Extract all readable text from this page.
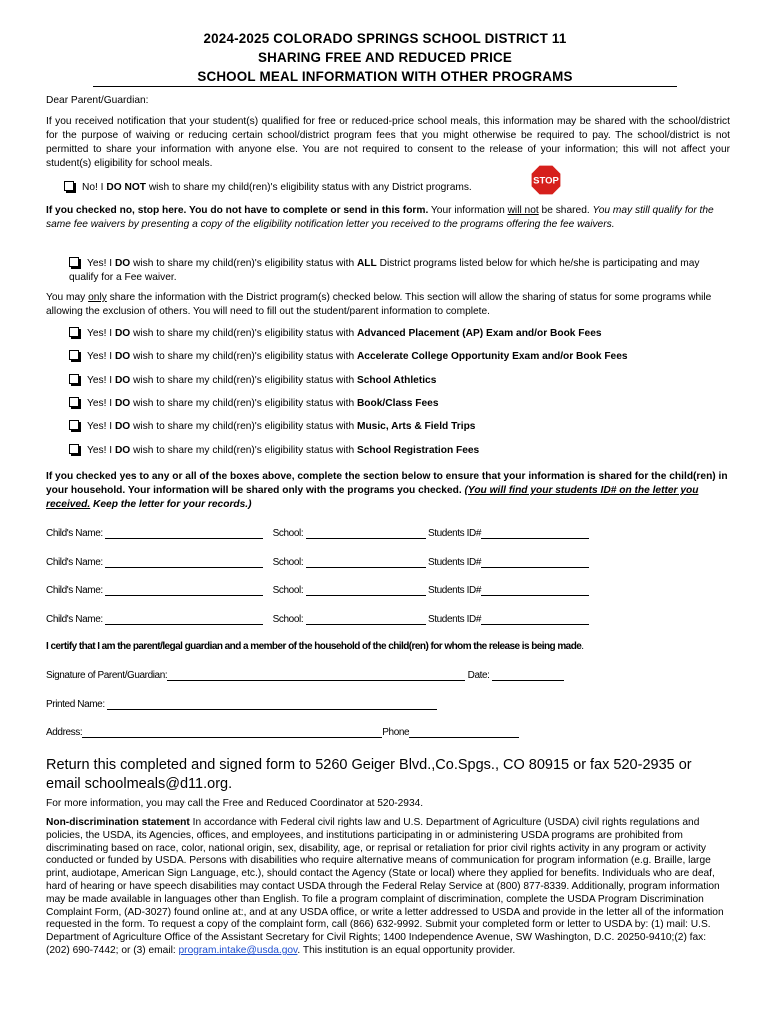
2024-2025 COLORADO SPRINGS SCHOOL DISTRICT 11
SHARING FREE AND REDUCED PRICE
SCHOOL MEAL INFORMATION WITH OTHER PROGRAMS
Dear Parent/Guardian:
If you received notification that your student(s) qualified for free or reduced-price school meals, this information may be shared with the school/district for the purpose of waiving or reducing certain school/district program fees that you might otherwise be required to pay. The school/district is not permitted to share your information with anyone else. You are not required to consent to the release of your information; this will not affect your student(s) eligibility for school meals.
No! I DO NOT wish to share my child(ren)'s eligibility status with any District programs.
STOP
If you checked no, stop here. You do not have to complete or send in this form. Your information will not be shared. You may still qualify for the same fee waivers by presenting a copy of the eligibility notification letter you received to the programs offering the fee waivers.
Yes! I DO wish to share my child(ren)'s eligibility status with ALL District programs listed below for which he/she is participating and may qualify for a Fee waiver.
You may only share the information with the District program(s) checked below. This section will allow the sharing of status for some programs while allowing the exclusion of others. You will need to fill out the student/parent information to complete.
Yes! I DO wish to share my child(ren)'s eligibility status with Advanced Placement (AP) Exam and/or Book Fees
Yes! I DO wish to share my child(ren)'s eligibility status with Accelerate College Opportunity Exam and/or Book Fees
Yes! I DO wish to share my child(ren)'s eligibility status with School Athletics
Yes! I DO wish to share my child(ren)'s eligibility status with Book/Class Fees
Yes! I DO wish to share my child(ren)'s eligibility status with Music, Arts & Field Trips
Yes! I DO wish to share my child(ren)'s eligibility status with School Registration Fees
If you checked yes to any or all of the boxes above, complete the section below to ensure that your information is shared for the child(ren) in your household. Your information will be shared only with the programs you checked. (You will find your students ID# on the letter you received. Keep the letter for your records.)
Child's Name:	School:	Students ID#
Child's Name:	School:	Students ID#
Child's Name:	School:	Students ID#
Child's Name:	School:	Students ID#
I certify that I am the parent/legal guardian and a member of the household of the child(ren) for whom the release is being made.
Signature of Parent/Guardian:	Date:
Printed Name:
Address:	Phone
Return this completed and signed form to 5260 Geiger Blvd.,Co.Spgs., CO 80915 or fax 520-2935 or email schoolmeals@d11.org.
For more information, you may call the Free and Reduced Coordinator at 520-2934.
Non-discrimination statement In accordance with Federal civil rights law and U.S. Department of Agriculture (USDA) civil rights regulations and policies, the USDA, its Agencies, offices, and employees, and institutions participating in or administering USDA programs are prohibited from discriminating based on race, color, national origin, sex, disability, age, or reprisal or retaliation for prior civil rights activity in any program or activity conducted or funded by USDA. Persons with disabilities who require alternative means of communication for program information (e.g. Braille, large print, audiotape, American Sign Language, etc.), should contact the Agency (State or local) where they applied for benefits. Individuals who are deaf, hard of hearing or have speech disabilities may contact USDA through the Federal Relay Service at (800) 877-8339. Additionally, program information may be made available in languages other than English. To file a program complaint of discrimination, complete the USDA Program Discrimination Complaint Form, (AD-3027) found online at:, and at any USDA office, or write a letter addressed to USDA and provide in the letter all of the information requested in the form. To request a copy of the complaint form, call (866) 632-9992. Submit your completed form or letter to USDA by: (1) mail: U.S. Department of Agriculture Office of the Assistant Secretary for Civil Rights; 1400 Independence Avenue, SW Washington, D.C. 20250-9410;(2) fax: (202) 690-7442; or (3) email: program.intake@usda.gov. This institution is an equal opportunity provider.
